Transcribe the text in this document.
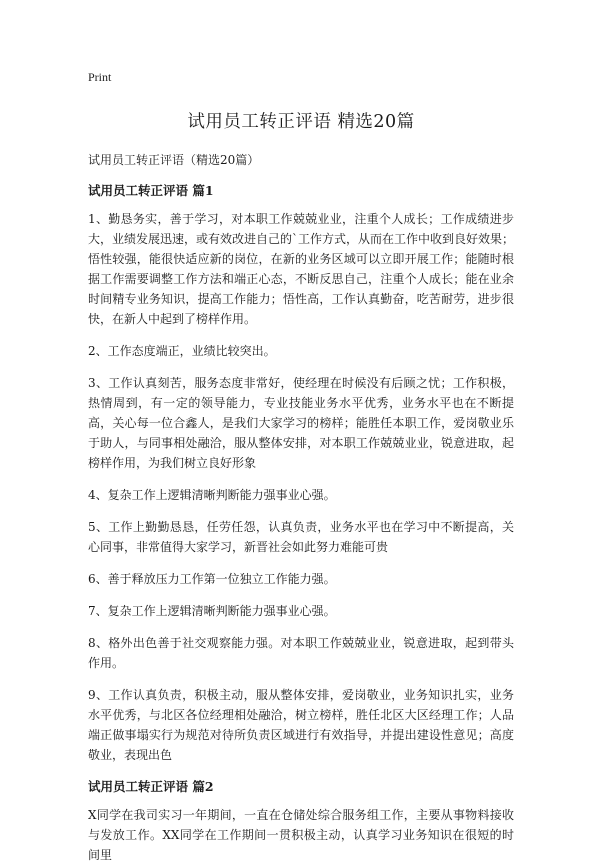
Print
试用员工转正评语 精选20篇

试用员工转正评语（精选20篇）

试用员工转正评语 篇1

1、勤恳务实，善于学习，对本职工作兢兢业业，注重个人成长；工作成绩进步大，业绩发展迅速，或有效改进自己的`工作方式，从而在工作中收到良好效果；悟性较强，能很快适应新的岗位，在新的业务区域可以立即开展工作；能随时根据工作需要调整工作方法和端正心态，不断反思自己，注重个人成长；能在业余时间精专业务知识，提高工作能力；悟性高，工作认真勤奋，吃苦耐劳，进步很快，在新人中起到了榜样作用。

2、工作态度端正，业绩比较突出。

3、工作认真刻苦，服务态度非常好，使经理在时候没有后顾之忧；工作积极，热情周到，有一定的领导能力，专业技能业务水平优秀，业务水平也在不断提高，关心每一位合鑫人，是我们大家学习的榜样；能胜任本职工作，爱岗敬业乐于助人，与同事相处融洽，服从整体安排，对本职工作兢兢业业，锐意进取，起榜样作用，为我们树立良好形象

4、复杂工作上逻辑清晰判断能力强事业心强。

5、工作上勤勤恳恳，任劳任怨，认真负责，业务水平也在学习中不断提高，关心同事，非常值得大家学习，新晋社会如此努力难能可贵

6、善于释放压力工作第一位独立工作能力强。

7、复杂工作上逻辑清晰判断能力强事业心强。

8、格外出色善于社交观察能力强。对本职工作兢兢业业，锐意进取，起到带头作用。

9、工作认真负责，积极主动，服从整体安排，爱岗敬业，业务知识扎实，业务水平优秀，与北区各位经理相处融洽，树立榜样，胜任北区大区经理工作；人品端正做事塌实行为规范对待所负责区域进行有效指导，并提出建设性意见；高度敬业，表现出色

试用员工转正评语 篇2

X同学在我司实习一年期间，一直在仓储处综合服务组工作，主要从事物料接收与发放工作。XX同学在工作期间一贯积极主动，认真学习业务知识在很短的时 间里
